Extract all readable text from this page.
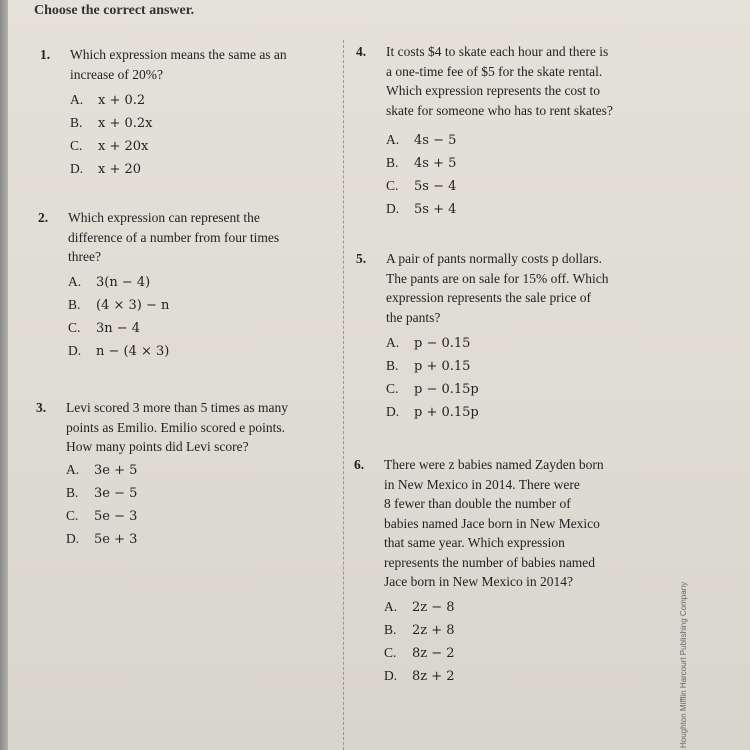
Choose the correct answer.
1. Which expression means the same as an
increase of 20%?
A. x + 0.2
B. x + 0.2x
C. x + 20x
D. x + 20
2. Which expression can represent the
difference of a number from four times
three?
A. 3(n − 4)
B. (4 × 3) − n
C. 3n − 4
D. n − (4 × 3)
3. Levi scored 3 more than 5 times as many
points as Emilio. Emilio scored e points.
How many points did Levi score?
A. 3e + 5
B. 3e − 5
C. 5e − 3
D. 5e + 3
4. It costs $4 to skate each hour and there is
a one-time fee of $5 for the skate rental.
Which expression represents the cost to
skate for someone who has to rent skates?
A. 4s − 5
B. 4s + 5
C. 5s − 4
D. 5s + 4
5. A pair of pants normally costs p dollars.
The pants are on sale for 15% off. Which
expression represents the sale price of
the pants?
A. p − 0.15
B. p + 0.15
C. p − 0.15p
D. p + 0.15p
6. There were z babies named Zayden born
in New Mexico in 2014. There were
8 fewer than double the number of
babies named Jace born in New Mexico
that same year. Which expression
represents the number of babies named
Jace born in New Mexico in 2014?
A. 2z − 8
B. 2z + 8
C. 8z − 2
D. 8z + 2	Houghton Mifflin Harcourt Publishing Company
